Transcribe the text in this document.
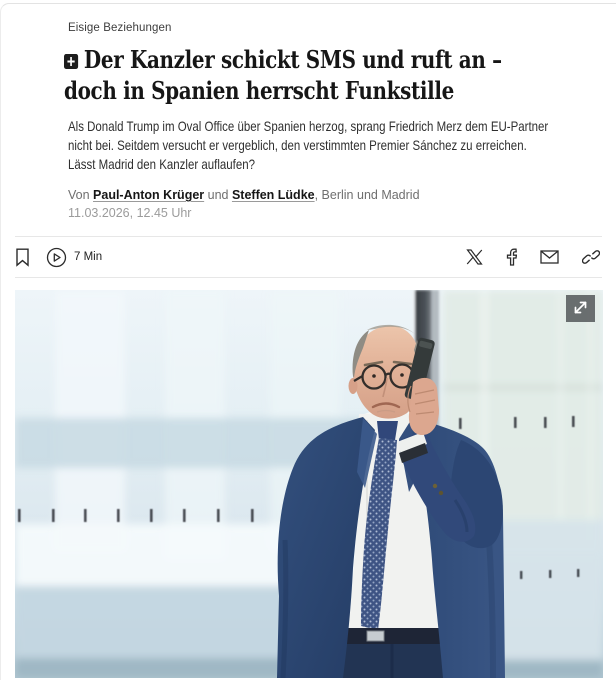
Eisige Beziehungen
Der Kanzler schickt SMS und ruft an – doch in Spanien herrscht Funkstille

Als Donald Trump im Oval Office über Spanien herzog, sprang Friedrich Merz dem EU-Partner nicht bei. Seitdem versucht er vergeblich, den verstimmten Premier Sánchez zu erreichen. Lässt Madrid den Kanzler auflaufen?

Von Paul-Anton Krüger und Steffen Lüdke, Berlin und Madrid
11.03.2026, 12.45 Uhr
7 Min
